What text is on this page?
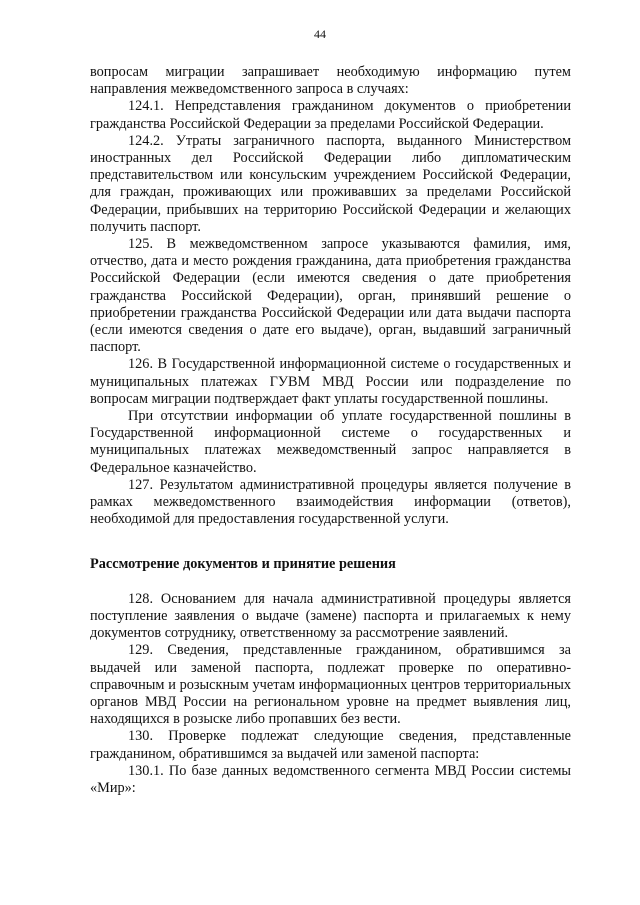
44

вопросам миграции запрашивает необходимую информацию путем направления межведомственного запроса в случаях:

124.1. Непредставления гражданином документов о приобретении гражданства Российской Федерации за пределами Российской Федерации.

124.2. Утраты заграничного паспорта, выданного Министерством иностранных дел Российской Федерации либо дипломатическим представительством или консульским учреждением Российской Федерации, для граждан, проживающих или проживавших за пределами Российской Федерации, прибывших на территорию Российской Федерации и желающих получить паспорт.

125. В межведомственном запросе указываются фамилия, имя, отчество, дата и место рождения гражданина, дата приобретения гражданства Российской Федерации (если имеются сведения о дате приобретения гражданства Российской Федерации), орган, принявший решение о приобретении гражданства Российской Федерации или дата выдачи паспорта (если имеются сведения о дате его выдаче), орган, выдавший заграничный паспорт.

126. В Государственной информационной системе о государственных и муниципальных платежах ГУВМ МВД России или подразделение по вопросам миграции подтверждает факт уплаты государственной пошлины.

При отсутствии информации об уплате государственной пошлины в Государственной информационной системе о государственных и муниципальных платежах межведомственный запрос направляется в Федеральное казначейство.

127. Результатом административной процедуры является получение в рамках межведомственного взаимодействия информации (ответов), необходимой для предоставления государственной услуги.

Рассмотрение документов и принятие решения

128. Основанием для начала административной процедуры является поступление заявления о выдаче (замене) паспорта и прилагаемых к нему документов сотруднику, ответственному за рассмотрение заявлений.

129. Сведения, представленные гражданином, обратившимся за выдачей или заменой паспорта, подлежат проверке по оперативно-справочным и розыскным учетам информационных центров территориальных органов МВД России на региональном уровне на предмет выявления лиц, находящихся в розыске либо пропавших без вести.

130. Проверке подлежат следующие сведения, представленные гражданином, обратившимся за выдачей или заменой паспорта:

130.1. По базе данных ведомственного сегмента МВД России системы «Мир»:
